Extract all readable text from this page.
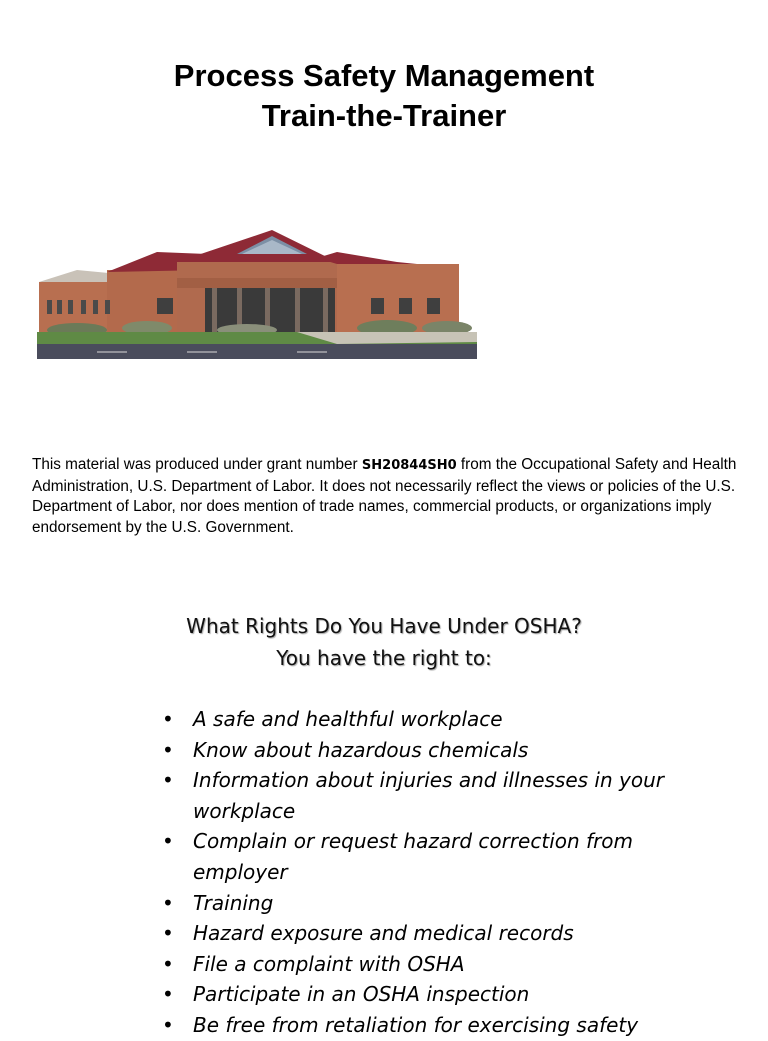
Process Safety Management
Train-the-Trainer
This material was produced under grant number SH20844SH0 from the Occupational Safety and Health Administration, U.S. Department of Labor. It does not necessarily reflect the views or policies of the U.S. Department of Labor, nor does mention of trade names, commercial products, or organizations imply endorsement by the U.S. Government.
What Rights Do You Have Under OSHA?
You have the right to:
• A safe and healthful workplace
• Know about hazardous chemicals
• Information about injuries and illnesses in your workplace
• Complain or request hazard correction from employer
• Training
• Hazard exposure and medical records
• File a complaint with OSHA
• Participate in an OSHA inspection
• Be free from retaliation for exercising safety
